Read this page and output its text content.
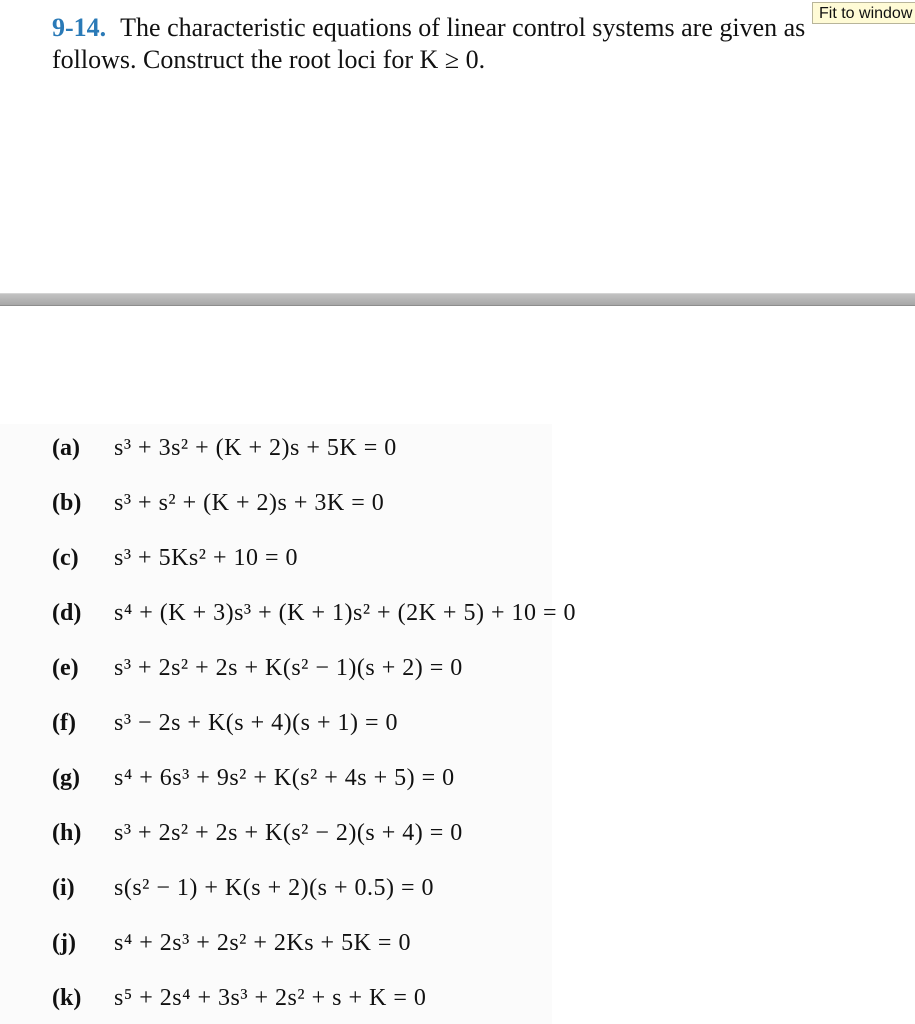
Fit to window
9-14. The characteristic equations of linear control systems are given as
follows. Construct the root loci for K ≥ 0.
(a)	s³ + 3s² + (K + 2)s + 5K = 0
(b)	s³ + s² + (K + 2)s + 3K = 0
(c)	s³ + 5Ks² + 10 = 0
(d)	s⁴ + (K + 3)s³ + (K + 1)s² + (2K + 5) + 10 = 0
(e)	s³ + 2s² + 2s + K(s² − 1)(s + 2) = 0
(f)	s³ − 2s + K(s + 4)(s + 1) = 0
(g)	s⁴ + 6s³ + 9s² + K(s² + 4s + 5) = 0
(h)	s³ + 2s² + 2s + K(s² − 2)(s + 4) = 0
(i)	s(s² − 1) + K(s + 2)(s + 0.5) = 0
(j)	s⁴ + 2s³ + 2s² + 2Ks + 5K = 0
(k)	s⁵ + 2s⁴ + 3s³ + 2s² + s + K = 0
